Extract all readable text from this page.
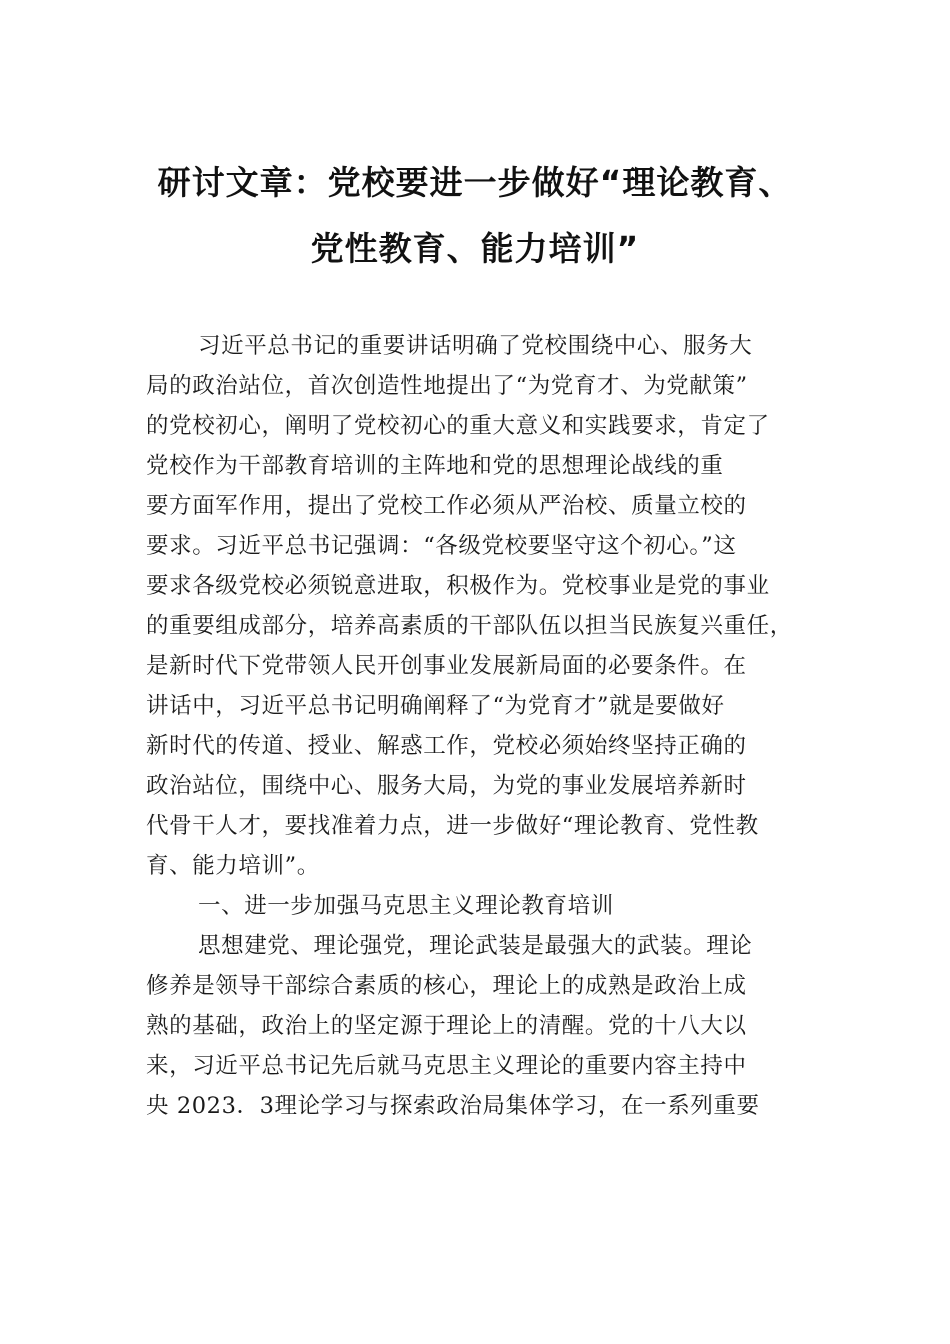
研讨文章：党校要进一步做好“理论教育、
党性教育、能力培训”
习近平总书记的重要讲话明确了党校围绕中心、服务大
局的政治站位，首次创造性地提出了“为党育才、为党献策”
的党校初心，阐明了党校初心的重大意义和实践要求，肯定了
党校作为干部教育培训的主阵地和党的思想理论战线的重
要方面军作用，提出了党校工作必须从严治校、质量立校的
要求。习近平总书记强调：“各级党校要坚守这个初心。”这
要求各级党校必须锐意进取，积极作为。党校事业是党的事业
的重要组成部分，培养高素质的干部队伍以担当民族复兴重任，
是新时代下党带领人民开创事业发展新局面的必要条件。在
讲话中，习近平总书记明确阐释了“为党育才”就是要做好
新时代的传道、授业、解惑工作，党校必须始终坚持正确的
政治站位，围绕中心、服务大局，为党的事业发展培养新时
代骨干人才，要找准着力点，进一步做好“理论教育、党性教
育、能力培训”。
一、进一步加强马克思主义理论教育培训
思想建党、理论强党，理论武装是最强大的武装。理论
修养是领导干部综合素质的核心，理论上的成熟是政治上成
熟的基础，政治上的坚定源于理论上的清醒。党的十八大以
来，习近平总书记先后就马克思主义理论的重要内容主持中
央 2023．3理论学习与探索政治局集体学习，在一系列重要
